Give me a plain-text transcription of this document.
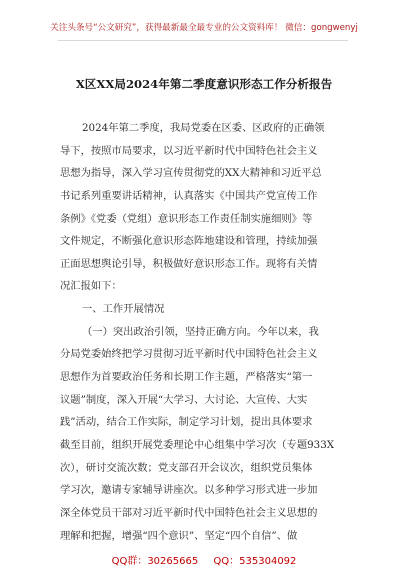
关注头条号“公文研究”，获得最新最全最专业的公文资料库！ 微信：gongwenyj
X区XX局2024年第二季度意识形态工作分析报告

2024年第二季度，我局党委在区委、区政府的正确领
导下，按照市局要求，以习近平新时代中国特色社会主义
思想为指导，深入学习宣传贯彻党的XX大精神和习近平总
书记系列重要讲话精神，认真落实《中国共产党宣传工作
条例》《党委（党组）意识形态工作责任制实施细则》等
文件规定，不断强化意识形态阵地建设和管理，持续加强
正面思想舆论引导，积极做好意识形态工作。现将有关情
况汇报如下：

一、工作开展情况

（一）突出政治引领，坚持正确方向。今年以来，我
分局党委始终把学习贯彻习近平新时代中国特色社会主义
思想作为首要政治任务和长期工作主题，严格落实“第一
议题”制度，深入开展“大学习、大讨论、大宣传、大实
践”活动，结合工作实际，制定学习计划，提出具体要求
截至目前，组织开展党委理论中心组集中学习次（专题933X
次），研讨交流次数；党支部召开会议次，组织党员集体
学习次，邀请专家辅导讲座次。以多种学习形式进一步加
深全体党员干部对习近平新时代中国特色社会主义思想的
理解和把握，增强“四个意识”、坚定“四个自信”、做

QQ群：30265665 QQ：535304092
